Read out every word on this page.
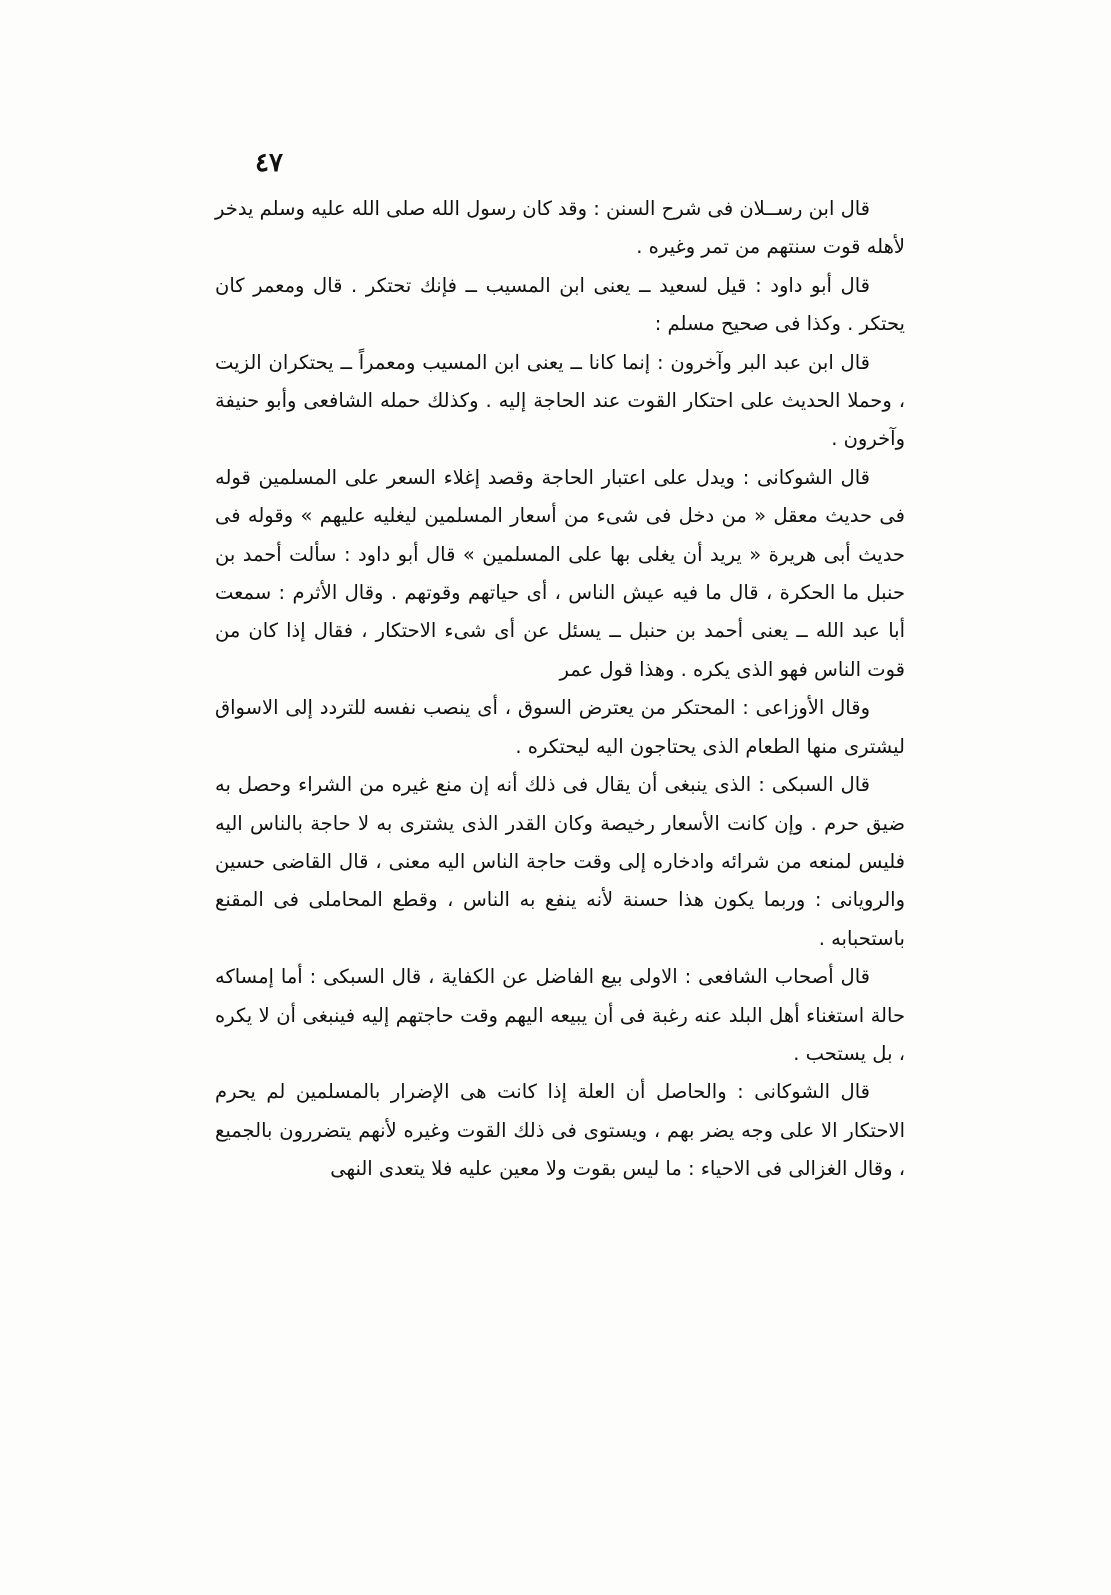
٤٧

قال ابن رســلان فى شرح السنن : وقد كان رسول الله صلى الله عليه وسلم يدخر لأهله قوت سنتهم من تمر وغيره .

قال أبو داود : قيل لسعيد ــ يعنى ابن المسيب ــ فإنك تحتكر . قال ومعمر كان يحتكر . وكذا فى صحيح مسلم :

قال ابن عبد البر وآخرون : إنما كانا ــ يعنى ابن المسيب ومعمراً ــ يحتكران الزيت ، وحملا الحديث على احتكار القوت عند الحاجة إليه . وكذلك حمله الشافعى وأبو حنيفة وآخرون .

قال الشوكانى : ويدل على اعتبار الحاجة وقصد إغلاء السعر على المسلمين قوله فى حديث معقل « من دخل فى شىء من أسعار المسلمين ليغليه عليهم » وقوله فى حديث أبى هريرة « يريد أن يغلى بها على المسلمين » قال أبو داود : سألت أحمد بن حنبل ما الحكرة ، قال ما فيه عيش الناس ، أى حياتهم وقوتهم . وقال الأثرم : سمعت أبا عبد الله ــ يعنى أحمد بن حنبل ــ يسئل عن أى شىء الاحتكار ، فقال إذا كان من قوت الناس فهو الذى يكره . وهذا قول عمر

وقال الأوزاعى : المحتكر من يعترض السوق ، أى ينصب نفسه للتردد إلى الاسواق ليشترى منها الطعام الذى يحتاجون اليه ليحتكره .

قال السبكى : الذى ينبغى أن يقال فى ذلك أنه إن منع غيره من الشراء وحصل به ضيق حرم . وإن كانت الأسعار رخيصة وكان القدر الذى يشترى به لا حاجة بالناس اليه فليس لمنعه من شرائه وادخاره إلى وقت حاجة الناس اليه معنى ، قال القاضى حسين والرويانى : وربما يكون هذا حسنة لأنه ينفع به الناس ، وقطع المحاملى فى المقنع باستحبابه .

قال أصحاب الشافعى : الاولى بيع الفاضل عن الكفاية ، قال السبكى : أما إمساكه حالة استغناء أهل البلد عنه رغبة فى أن يبيعه اليهم وقت حاجتهم إليه فينبغى أن لا يكره ، بل يستحب .

قال الشوكانى : والحاصل أن العلة إذا كانت هى الإضرار بالمسلمين لم يحرم الاحتكار الا على وجه يضر بهم ، ويستوى فى ذلك القوت وغيره لأنهم يتضررون بالجميع ، وقال الغزالى فى الاحياء : ما ليس بقوت ولا معين عليه فلا يتعدى النهى
